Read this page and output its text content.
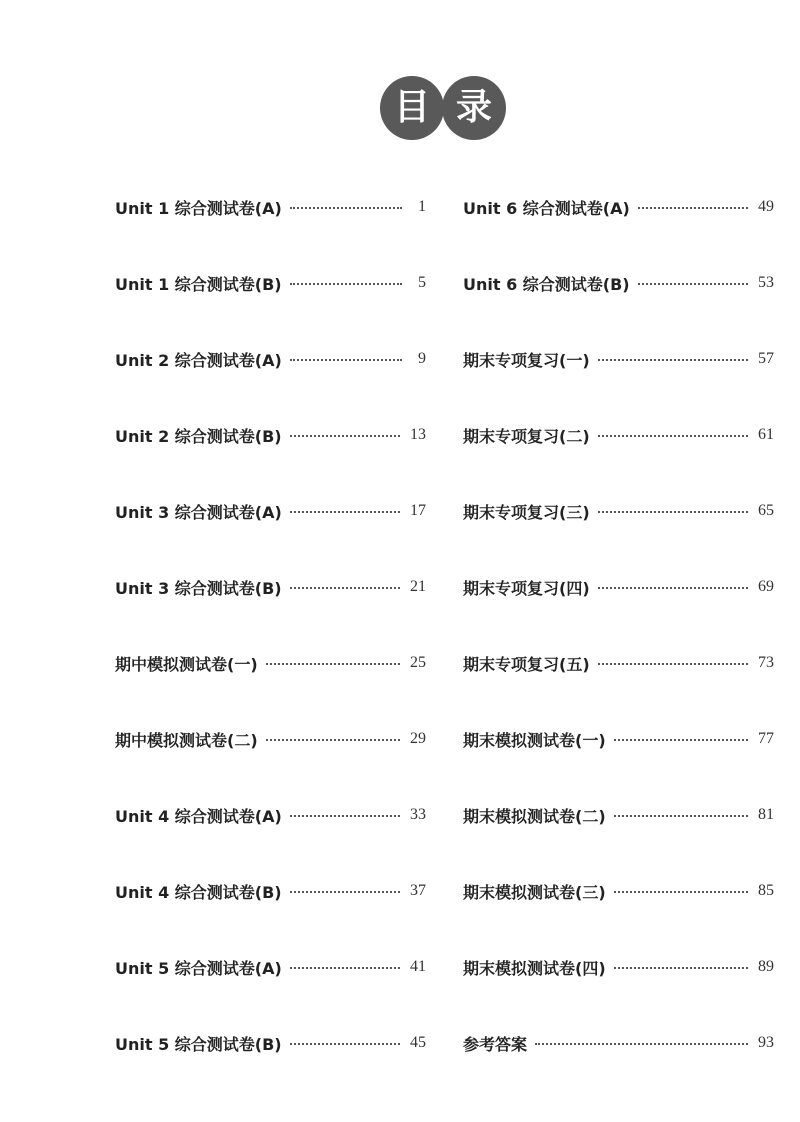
目 录
Unit 1 综合测试卷(A)	1
Unit 1 综合测试卷(B)	5
Unit 2 综合测试卷(A)	9
Unit 2 综合测试卷(B)	13
Unit 3 综合测试卷(A)	17
Unit 3 综合测试卷(B)	21
期中模拟测试卷(一)	25
期中模拟测试卷(二)	29
Unit 4 综合测试卷(A)	33
Unit 4 综合测试卷(B)	37
Unit 5 综合测试卷(A)	41
Unit 5 综合测试卷(B)	45
Unit 6 综合测试卷(A)	49
Unit 6 综合测试卷(B)	53
期末专项复习(一)	57
期末专项复习(二)	61
期末专项复习(三)	65
期末专项复习(四)	69
期末专项复习(五)	73
期末模拟测试卷(一)	77
期末模拟测试卷(二)	81
期末模拟测试卷(三)	85
期末模拟测试卷(四)	89
参考答案	93
